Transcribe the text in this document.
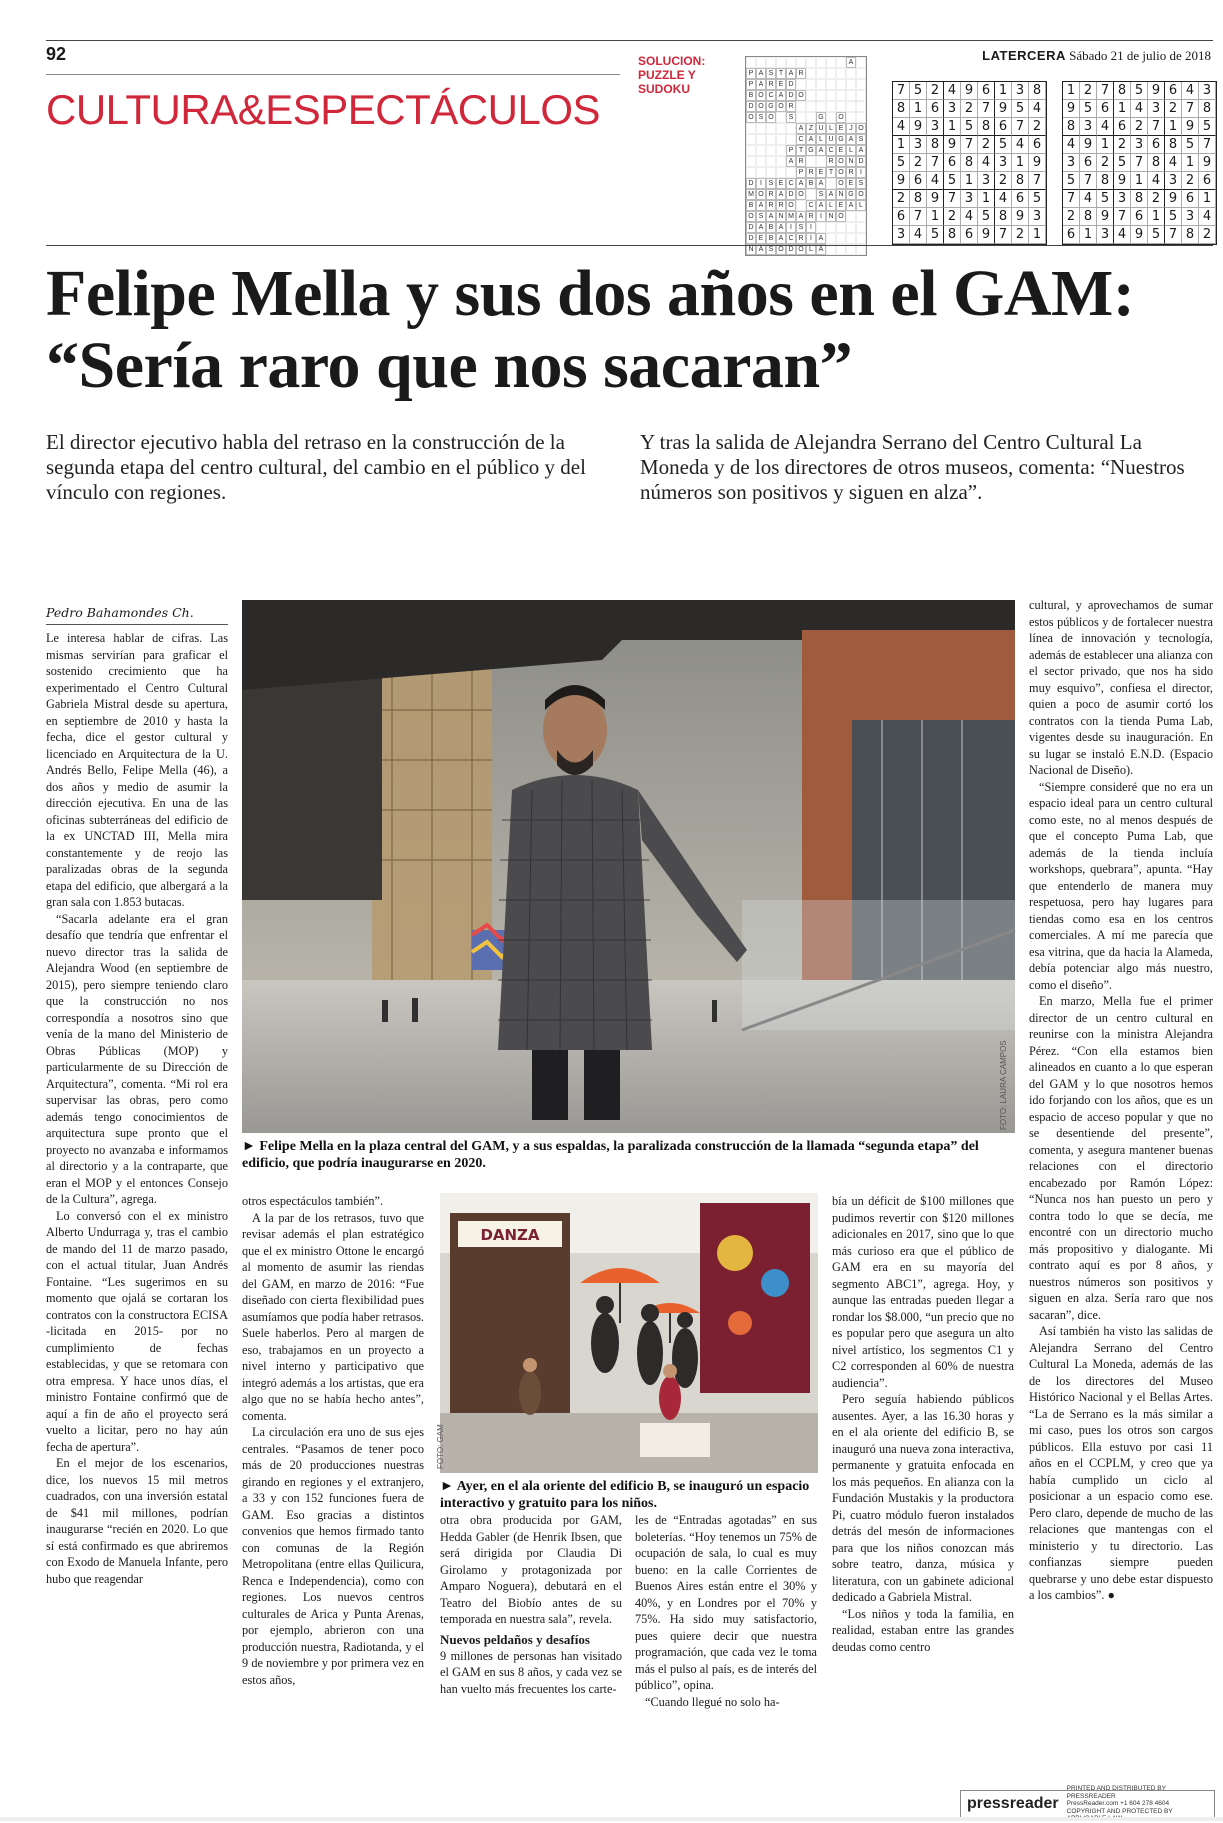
92
CULTURA&ESPECTÁCULOS
SOLUCION: PUZZLE Y SUDOKU
LATERCERA Sábado 21 de julio de 2018
A
P A S T A R
P A R E D
B O C A D O
D O G O R
O S O	S	G	O
A Z U L E J O
C A L U G A S
P T G A C E L A
A R	R O N D
P R E T O R I
D I S E C A B A	O E S
M O R A D O	S A N G O
B A R R O	C A L E A L
O S A N M A R I N O
D A B A I S I
D E B A C R I A
N A S O D O L A
7 5 2 4 9 6 1 3 8
8 1 6 3 2 7 9 5 4
4 9 3 1 5 8 6 7 2
1 3 8 9 7 2 5 4 6
5 2 7 6 8 4 3 1 9
9 6 4 5 1 3 2 8 7
2 8 9 7 3 1 4 6 5
6 7 1 2 4 5 8 9 3
3 4 5 8 6 9 7 2 1
1 2 7 8 5 9 6 4 3
9 5 6 1 4 3 2 7 8
8 3 4 6 2 7 1 9 5
4 9 1 2 3 6 8 5 7
3 6 2 5 7 8 4 1 9
5 7 8 9 1 4 3 2 6
7 4 5 3 8 2 9 6 1
2 8 9 7 6 1 5 3 4
6 1 3 4 9 5 7 8 2
Felipe Mella y sus dos años en el GAM: “Sería raro que nos sacaran”

El director ejecutivo habla del retraso en la construcción de la segunda etapa del centro cultural, del cambio en el público y del vínculo con regiones.

Y tras la salida de Alejandra Serrano del Centro Cultural La Moneda y de los directores de otros museos, comenta: “Nuestros números son positivos y siguen en alza”.

Pedro Bahamondes Ch.
FOTO: LAURA CAMPOS

► Felipe Mella en la plaza central del GAM, y a sus espaldas, la paralizada construcción de la llamada “segunda etapa” del edificio, que podría inaugurarse en 2020.

DANZA
FOTO: GAM

► Ayer, en el ala oriente del edificio B, se inauguró un espacio interactivo y gratuito para los niños.

Le interesa hablar de cifras. Las mismas servirían para graficar el sostenido crecimiento que ha experimentado el Centro Cultural Gabriela Mistral desde su apertura, en septiembre de 2010 y hasta la fecha, dice el gestor cultural y licenciado en Arquitectura de la U. Andrés Bello, Felipe Mella (46), a dos años y medio de asumir la dirección ejecutiva. En una de las oficinas subterráneas del edificio de la ex UNCTAD III, Mella mira constantemente y de reojo las paralizadas obras de la segunda etapa del edificio, que albergará a la gran sala con 1.853 butacas.

“Sacarla adelante era el gran desafío que tendría que enfrentar el nuevo director tras la salida de Alejandra Wood (en septiembre de 2015), pero siempre teniendo claro que la construcción no nos correspondía a nosotros sino que venía de la mano del Ministerio de Obras Públicas (MOP) y particularmente de su Dirección de Arquitectura”, comenta. “Mi rol era supervisar las obras, pero como además tengo conocimientos de arquitectura supe pronto que el proyecto no avanzaba e informamos al directorio y a la contraparte, que eran el MOP y el entonces Consejo de la Cultura”, agrega.

Lo conversó con el ex ministro Alberto Undurraga y, tras el cambio de mando del 11 de marzo pasado, con el actual titular, Juan Andrés Fontaine. “Les sugerimos en su momento que ojalá se cortaran los contratos con la constructora ECISA -licitada en 2015- por no cumplimiento de fechas establecidas, y que se retomara con otra empresa. Y hace unos días, el ministro Fontaine confirmó que de aquí a fin de año el proyecto será vuelto a licitar, pero no hay aún fecha de apertura”.

En el mejor de los escenarios, dice, los nuevos 15 mil metros cuadrados, con una inversión estatal de $41 mil millones, podrían inaugurarse “recién en 2020. Lo que sí está confirmado es que abriremos con Exodo de Manuela Infante, pero hubo que reagendar

otros espectáculos también”.

A la par de los retrasos, tuvo que revisar además el plan estratégico que el ex ministro Ottone le encargó al momento de asumir las riendas del GAM, en marzo de 2016: “Fue diseñado con cierta flexibilidad pues asumíamos que podía haber retrasos. Suele haberlos. Pero al margen de eso, trabajamos en un proyecto a nivel interno y participativo que integró además a los artistas, que era algo que no se había hecho antes”, comenta.

La circulación era uno de sus ejes centrales. “Pasamos de tener poco más de 20 producciones nuestras girando en regiones y el extranjero, a 33 y con 152 funciones fuera de GAM. Eso gracias a distintos convenios que hemos firmado tanto con comunas de la Región Metropolitana (entre ellas Quilicura, Renca e Independencia), como con regiones. Los nuevos centros culturales de Arica y Punta Arenas, por ejemplo, abrieron con una producción nuestra, Radiotanda, y el 9 de noviembre y por primera vez en estos años,

otra obra producida por GAM, Hedda Gabler (de Henrik Ibsen, que será dirigida por Claudia Di Girolamo y protagonizada por Amparo Noguera), debutará en el Teatro del Biobío antes de su temporada en nuestra sala”, revela.

Nuevos peldaños y desafíos

9 millones de personas han visitado el GAM en sus 8 años, y cada vez se han vuelto más frecuentes los carte-

les de “Entradas agotadas” en sus boleterías. “Hoy tenemos un 75% de ocupación de sala, lo cual es muy bueno: en la calle Corrientes de Buenos Aires están entre el 30% y 40%, y en Londres por el 70% y 75%. Ha sido muy satisfactorio, pues quiere decir que nuestra programación, que cada vez le toma más el pulso al país, es de interés del público”, opina.

“Cuando llegué no solo ha-

bía un déficit de $100 millones que pudimos revertir con $120 millones adicionales en 2017, sino que lo que más curioso era que el público de GAM era en su mayoría del segmento ABC1”, agrega. Hoy, y aunque las entradas pueden llegar a rondar los $8.000, “un precio que no es popular pero que asegura un alto nivel artístico, los segmentos C1 y C2 corresponden al 60% de nuestra audiencia”.

Pero seguía habiendo públicos ausentes. Ayer, a las 16.30 horas y en el ala oriente del edificio B, se inauguró una nueva zona interactiva, permanente y gratuita enfocada en los más pequeños. En alianza con la Fundación Mustakis y la productora Pi, cuatro módulo fueron instalados detrás del mesón de informaciones para que los niños conozcan más sobre teatro, danza, música y literatura, con un gabinete adicional dedicado a Gabriela Mistral.

“Los niños y toda la familia, en realidad, estaban entre las grandes deudas como centro

cultural, y aprovechamos de sumar estos públicos y de fortalecer nuestra línea de innovación y tecnología, además de establecer una alianza con el sector privado, que nos ha sido muy esquivo”, confiesa el director, quien a poco de asumir cortó los contratos con la tienda Puma Lab, vigentes desde su inauguración. En su lugar se instaló E.N.D. (Espacio Nacional de Diseño).

“Siempre consideré que no era un espacio ideal para un centro cultural como este, no al menos después de que el concepto Puma Lab, que además de la tienda incluía workshops, quebrara”, apunta. “Hay que entenderlo de manera muy respetuosa, pero hay lugares para tiendas como esa en los centros comerciales. A mí me parecía que esa vitrina, que da hacia la Alameda, debía potenciar algo más nuestro, como el diseño”.

En marzo, Mella fue el primer director de un centro cultural en reunirse con la ministra Alejandra Pérez. “Con ella estamos bien alineados en cuanto a lo que esperan del GAM y lo que nosotros hemos ido forjando con los años, que es un espacio de acceso popular y que no se desentiende del presente”, comenta, y asegura mantener buenas relaciones con el directorio encabezado por Ramón López: “Nunca nos han puesto un pero y contra todo lo que se decía, me encontré con un directorio mucho más propositivo y dialogante. Mi contrato aquí es por 8 años, y nuestros números son positivos y siguen en alza. Sería raro que nos sacaran”, dice.

Así también ha visto las salidas de Alejandra Serrano del Centro Cultural La Moneda, además de las de los directores del Museo Histórico Nacional y el Bellas Artes. “La de Serrano es la más similar a mi caso, pues los otros son cargos públicos. Ella estuvo por casi 11 años en el CCPLM, y creo que ya había cumplido un ciclo al posicionar a un espacio como ese. Pero claro, depende de mucho de las relaciones que mantengas con el ministerio y tu directorio. Las confianzas siempre pueden quebrarse y uno debe estar dispuesto a los cambios”. ●

pressreader
PRINTED AND DISTRIBUTED BY PRESSREADER
PressReader.com +1 604 278 4604
COPYRIGHT AND PROTECTED BY
